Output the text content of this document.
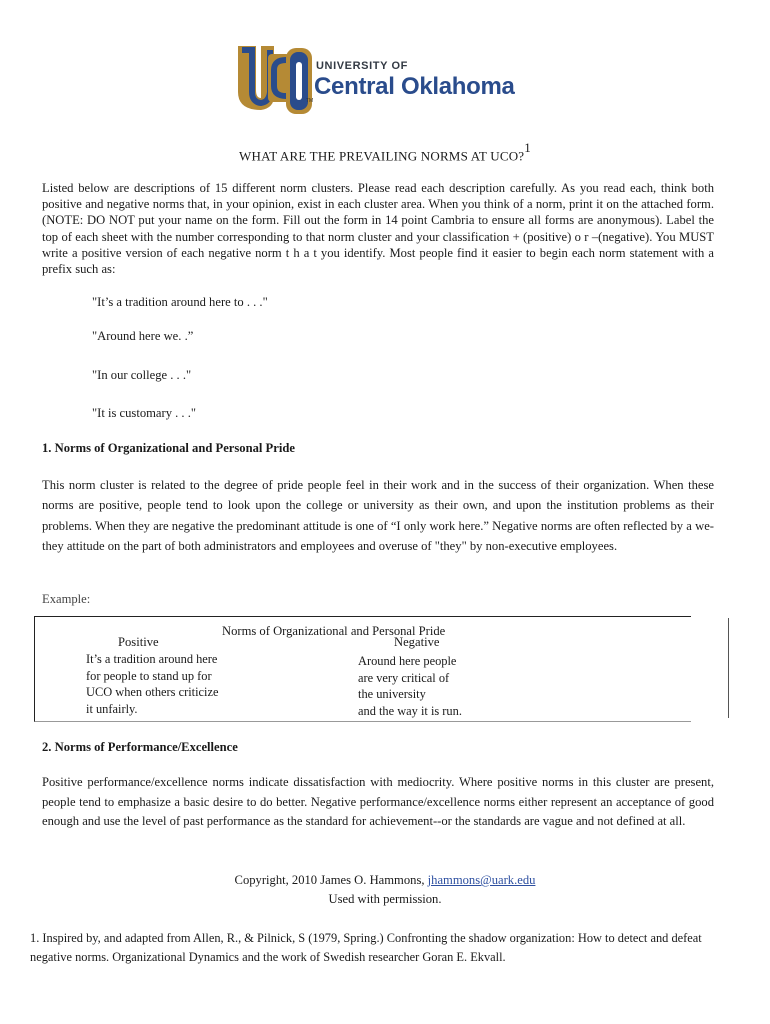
UNIVERSITY OF
Central Oklahoma
TM
WHAT ARE THE PREVAILING NORMS AT UCO?$^1$
Listed below are descriptions of 15 different norm clusters. Please read each description carefully. As you read each, think both positive and negative norms that, in your opinion, exist in each cluster area. When you think of a norm, print it on the attached form. (NOTE: DO NOT put your name on the form. Fill out the form in 14 point Cambria to ensure all forms are anonymous). Label the top of each sheet with the number corresponding to that norm cluster and your classification + (positive) o r –(negative). You MUST write a positive version of each negative norm t h a t you identify. Most people find it easier to begin each norm statement with a prefix such as:
"It’s a tradition around here to . . ."
"Around here we. .”
"In our college . . ."
"It is customary . . ."
1. Norms of Organizational and Personal Pride
This norm cluster is related to the degree of pride people feel in their work and in the success of their organization. When these norms are positive, people tend to look upon the college or university as their own, and upon the institution problems as their problems. When they are negative the predominant attitude is one of “I only work here.” Negative norms are often reflected by a we-they attitude on the part of both administrators and employees and overuse of "they" by non-executive employees.
Example:
Norms of Organizational and Personal Pride
Positive	Negative
It’s a tradition around here
for people to stand up for
UCO when others criticize
it unfairly.
Around here people
are very critical of
the university
and the way it is run.
2. Norms of Performance/Excellence
Positive performance/excellence norms indicate dissatisfaction with mediocrity. Where positive norms in this cluster are present, people tend to emphasize a basic desire to do better. Negative performance/excellence norms either represent an acceptance of good enough and use the level of past performance as the standard for achievement--or the standards are vague and not defined at all.
Copyright, 2010 James O. Hammons, jhammons@uark.edu
Used with permission.
1. Inspired by, and adapted from Allen, R., & Pilnick, S (1979, Spring.) Confronting the shadow organization: How to detect and defeat negative norms. Organizational Dynamics and the work of Swedish researcher Goran E. Ekvall.
